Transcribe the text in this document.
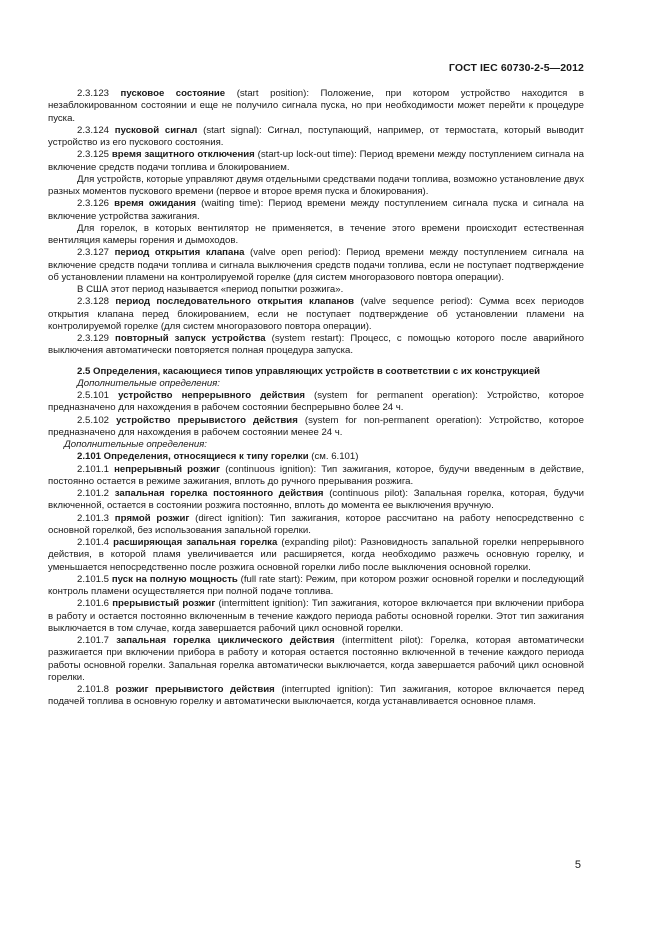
ГОСТ IEC 60730-2-5—2012

2.3.123 пусковое состояние (start position): Положение, при котором устройство находится в незаблокированном состоянии и еще не получило сигнала пуска, но при необходимости может перейти к процедуре пуска.

2.3.124 пусковой сигнал (start signal): Сигнал, поступающий, например, от термостата, который выводит устройство из его пускового состояния.

2.3.125 время защитного отключения (start-up lock-out time): Период времени между поступлением сигнала на включение средств подачи топлива и блокированием.

Для устройств, которые управляют двумя отдельными средствами подачи топлива, возможно установление двух разных моментов пускового времени (первое и второе время пуска и блокирования).

2.3.126 время ожидания (waiting time): Период времени между поступлением сигнала пуска и сигнала на включение устройства зажигания.

Для горелок, в которых вентилятор не применяется, в течение этого времени происходит естественная вентиляция камеры горения и дымоходов.

2.3.127 период открытия клапана (valve open period): Период времени между поступлением сигнала на включение средств подачи топлива и сигнала выключения средств подачи топлива, если не поступает подтверждение об установлении пламени на контролируемой горелке (для систем многоразового повтора операции).

В США этот период называется «период попытки розжига».

2.3.128 период последовательного открытия клапанов (valve sequence period): Сумма всех периодов открытия клапана перед блокированием, если не поступает подтверждение об установлении пламени на контролируемой горелке (для систем многоразового повтора операции).

2.3.129 повторный запуск устройства (system restart): Процесс, с помощью которого после аварийного выключения автоматически повторяется полная процедура запуска.

2.5 Определения, касающиеся типов управляющих устройств в соответствии с их конструкцией

Дополнительные определения:

2.5.101 устройство непрерывного действия (system for permanent operation): Устройство, которое предназначено для нахождения в рабочем состоянии беспрерывно более 24 ч.

2.5.102 устройство прерывистого действия (system for non-permanent operation): Устройство, которое предназначено для нахождения в рабочем состоянии менее 24 ч.

Дополнительные определения:

2.101 Определения, относящиеся к типу горелки (см. 6.101)

2.101.1 непрерывный розжиг (continuous ignition): Тип зажигания, которое, будучи введенным в действие, постоянно остается в режиме зажигания, вплоть до ручного прерывания розжига.

2.101.2 запальная горелка постоянного действия (continuous pilot): Запальная горелка, которая, будучи включенной, остается в состоянии розжига постоянно, вплоть до момента ее выключения вручную.

2.101.3 прямой розжиг (direct ignition): Тип зажигания, которое рассчитано на работу непосредственно с основной горелкой, без использования запальной горелки.

2.101.4 расширяющая запальная горелка (expanding pilot): Разновидность запальной горелки непрерывного действия, в которой пламя увеличивается или расширяется, когда необходимо разжечь основную горелку, и уменьшается непосредственно после розжига основной горелки либо после выключения основной горелки.

2.101.5 пуск на полную мощность (full rate start): Режим, при котором розжиг основной горелки и последующий контроль пламени осуществляется при полной подаче топлива.

2.101.6 прерывистый розжиг (intermittent ignition): Тип зажигания, которое включается при включении прибора в работу и остается постоянно включенным в течение каждого периода работы основной горелки. Этот тип зажигания выключается в том случае, когда завершается рабочий цикл основной горелки.

2.101.7 запальная горелка циклического действия (intermittent pilot): Горелка, которая автоматически разжигается при включении прибора в работу и которая остается постоянно включенной в течение каждого периода работы основной горелки. Запальная горелка автоматически выключается, когда завершается рабочий цикл основной горелки.

2.101.8 розжиг прерывистого действия (interrupted ignition): Тип зажигания, которое включается перед подачей топлива в основную горелку и автоматически выключается, когда устанавливается основное пламя.

5
